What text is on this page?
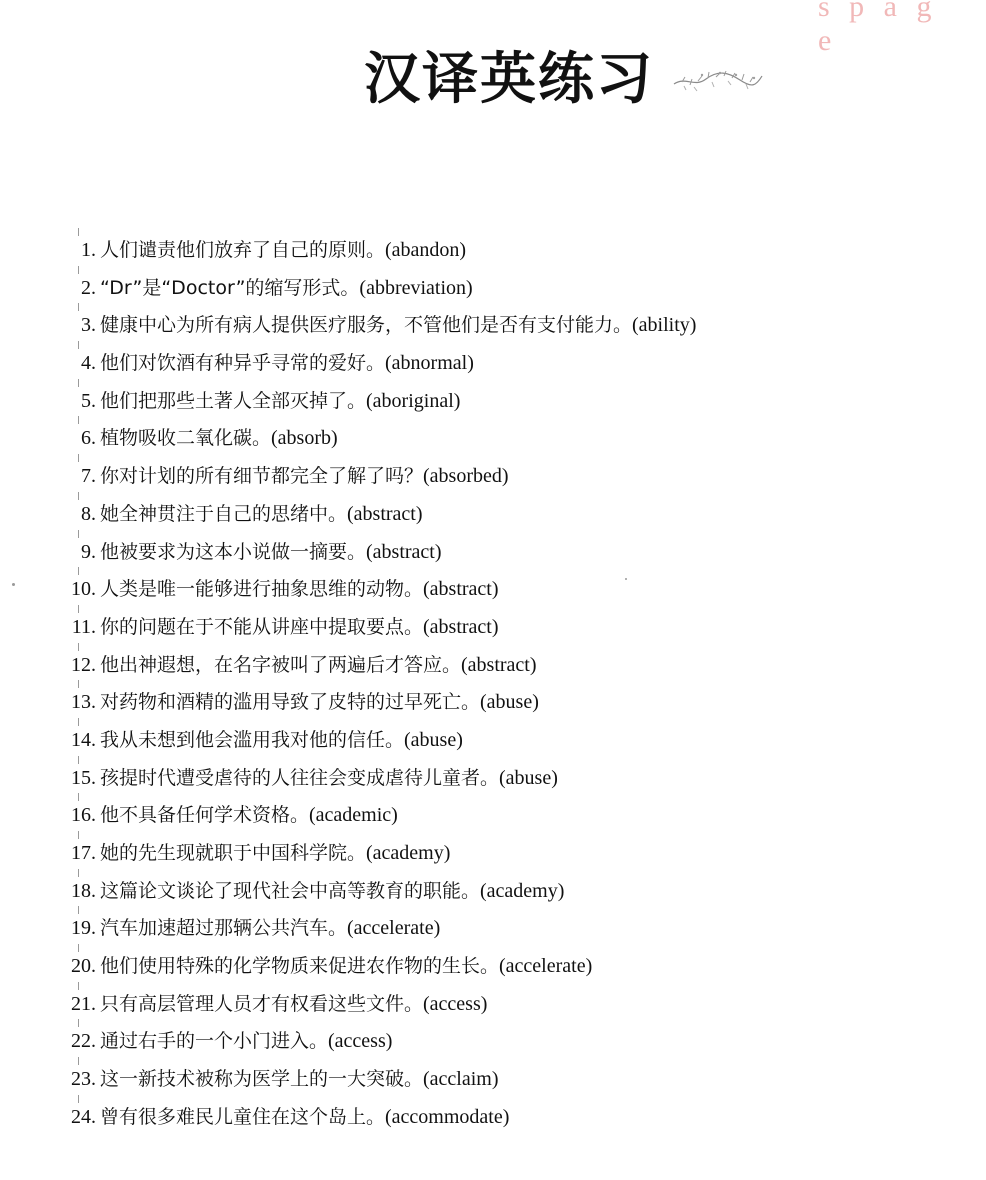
s p a g e
汉译英练习
1. 人们谴责他们放弃了自己的原则。 (abandon)
2. “Dr”是“Doctor”的缩写形式。 (abbreviation)
3. 健康中心为所有病人提供医疗服务，不管他们是否有支付能力。 (ability)
4. 他们对饮酒有种异乎寻常的爱好。 (abnormal)
5. 他们把那些土著人全部灭掉了。 (aboriginal)
6. 植物吸收二氧化碳。 (absorb)
7. 你对计划的所有细节都完全了解了吗？ (absorbed)
8. 她全神贯注于自己的思绪中。 (abstract)
9. 他被要求为这本小说做一摘要。 (abstract)
10. 人类是唯一能够进行抽象思维的动物。 (abstract)
11. 你的问题在于不能从讲座中提取要点。 (abstract)
12. 他出神遐想，在名字被叫了两遍后才答应。 (abstract)
13. 对药物和酒精的滥用导致了皮特的过早死亡。 (abuse)
14. 我从未想到他会滥用我对他的信任。 (abuse)
15. 孩提时代遭受虐待的人往往会变成虐待儿童者。 (abuse)
16. 他不具备任何学术资格。 (academic)
17. 她的先生现就职于中国科学院。 (academy)
18. 这篇论文谈论了现代社会中高等教育的职能。 (academy)
19. 汽车加速超过那辆公共汽车。 (accelerate)
20. 他们使用特殊的化学物质来促进农作物的生长。 (accelerate)
21. 只有高层管理人员才有权看这些文件。 (access)
22. 通过右手的一个小门进入。 (access)
23. 这一新技术被称为医学上的一大突破。 (acclaim)
24. 曾有很多难民儿童住在这个岛上。 (accommodate)
